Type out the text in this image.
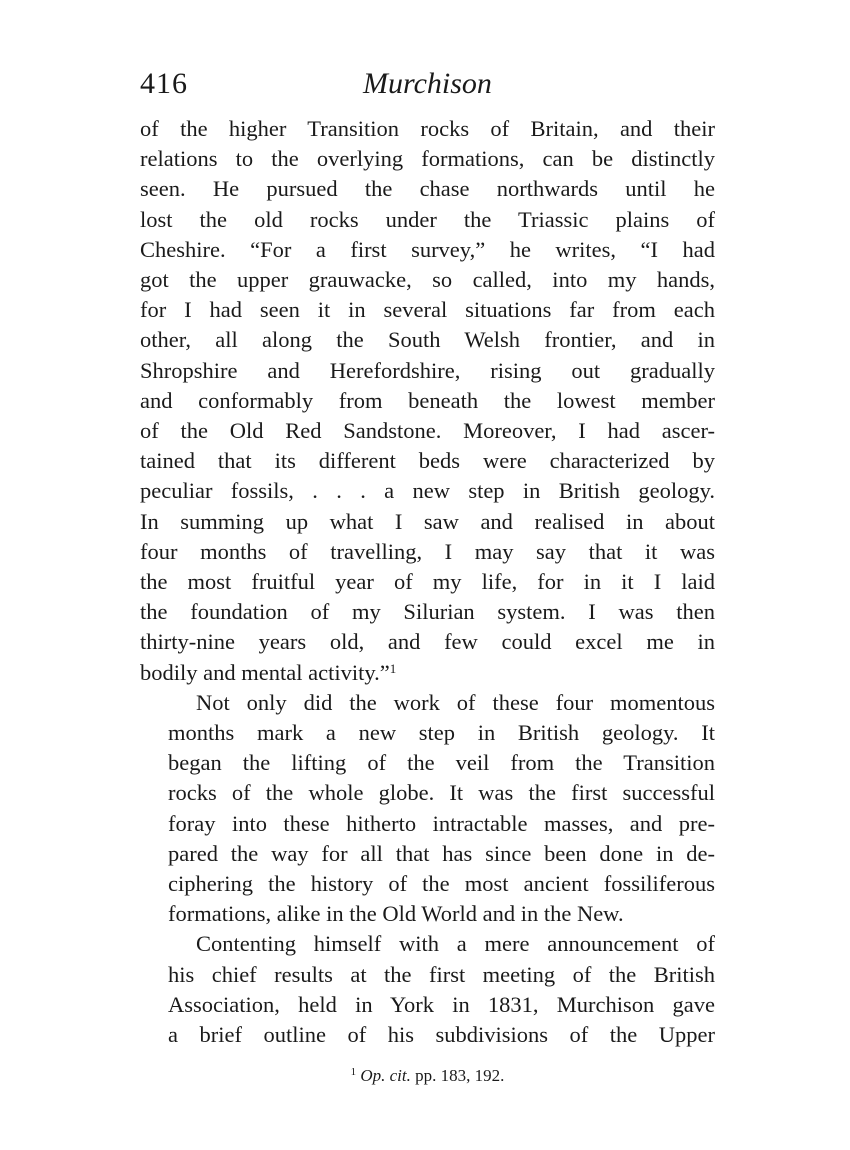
416	Murchison

of the higher Transition rocks of Britain, and their
relations to the overlying formations, can be distinctly
seen. He pursued the chase northwards until he
lost the old rocks under the Triassic plains of
Cheshire. “For a first survey,” he writes, “I had
got the upper grauwacke, so called, into my hands,
for I had seen it in several situations far from each
other, all along the South Welsh frontier, and in
Shropshire and Herefordshire, rising out gradually
and conformably from beneath the lowest member
of the Old Red Sandstone. Moreover, I had ascer-
tained that its different beds were characterized by
peculiar fossils, . . . a new step in British geology.
In summing up what I saw and realised in about
four months of travelling, I may say that it was
the most fruitful year of my life, for in it I laid
the foundation of my Silurian system. I was then
thirty-nine years old, and few could excel me in
bodily and mental activity.”$^1$

Not only did the work of these four momentous
months mark a new step in British geology. It
began the lifting of the veil from the Transition
rocks of the whole globe. It was the first successful
foray into these hitherto intractable masses, and pre-
pared the way for all that has since been done in de-
ciphering the history of the most ancient fossiliferous
formations, alike in the Old World and in the New.

Contenting himself with a mere announcement of
his chief results at the first meeting of the British
Association, held in York in 1831, Murchison gave
a brief outline of his subdivisions of the Upper

$^1$ Op. cit. pp. 183, 192.
